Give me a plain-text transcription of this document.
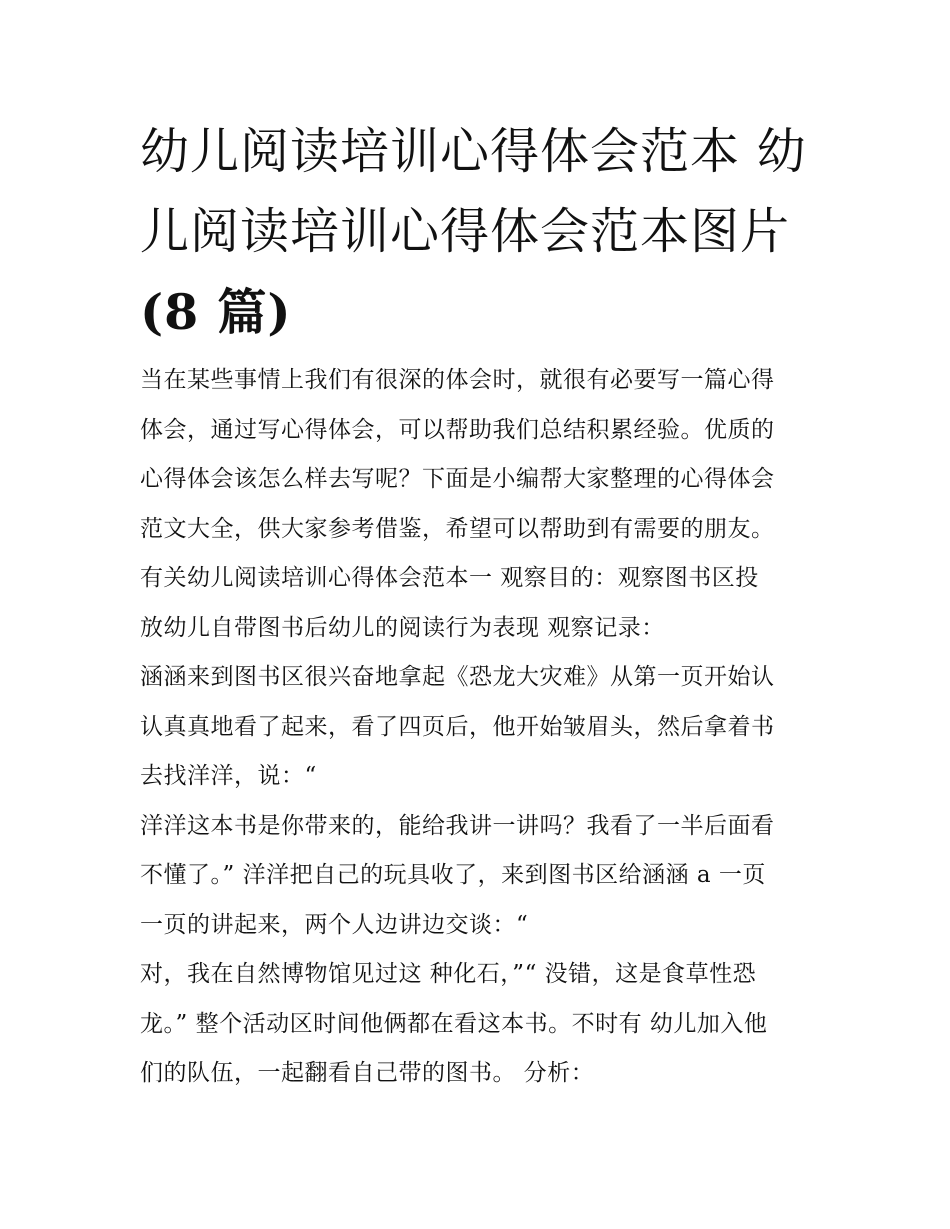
幼儿阅读培训心得体会范本 幼
儿阅读培训心得体会范本图片
(8 篇)
当在某些事情上我们有很深的体会时，就很有必要写一篇心得
体会，通过写心得体会，可以帮助我们总结积累经验。优质的
心得体会该怎么样去写呢？下面是小编帮大家整理的心得体会
范文大全，供大家参考借鉴，希望可以帮助到有需要的朋友。
有关幼儿阅读培训心得体会范本一 观察目的：观察图书区投
放幼儿自带图书后幼儿的阅读行为表现 观察记录：
涵涵来到图书区很兴奋地拿起《恐龙大灾难》从第一页开始认
认真真地看了起来，看了四页后，他开始皱眉头，然后拿着书
去找洋洋，说：“
洋洋这本书是你带来的，能给我讲一讲吗？我看了一半后面看
不懂了。” 洋洋把自己的玩具收了，来到图书区给涵涵 a 一页
一页的讲起来，两个人边讲边交谈：“
对，我在自然博物馆见过这 种化石，”“ 没错，这是食草性恐
龙。” 整个活动区时间他俩都在看这本书。不时有 幼儿加入他
们的队伍，一起翻看自己带的图书。 分析：
